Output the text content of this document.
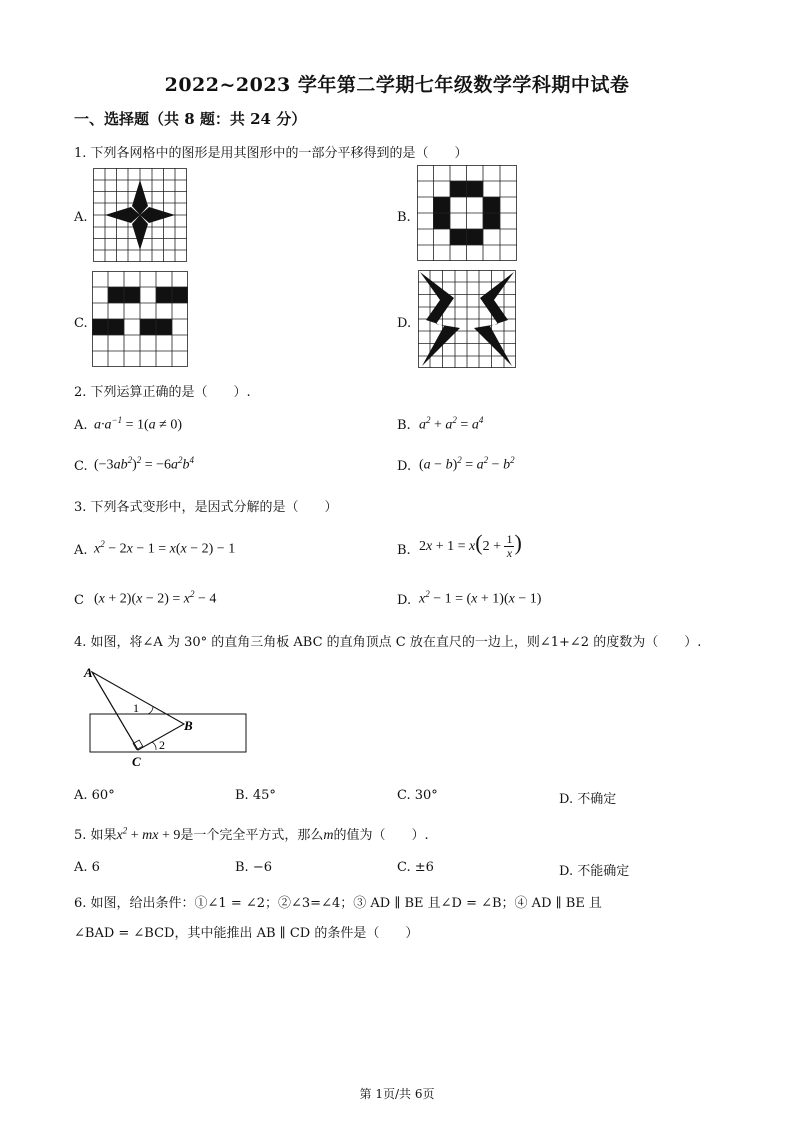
2022~2023 学年第二学期七年级数学学科期中试卷
一、选择题（共 8 题：共 24 分）
1. 下列各网格中的图形是用其图形中的一部分平移得到的是（　　）
A.	B.
C.	D.
2. 下列运算正确的是（　　）.
A. $a\cdot a^{-1} = 1(a \ne 0)$	B. $a^2 + a^2 = a^4$
C. $(-3ab^2)^2 = -6a^2b^4$	D. $(a - b)^2 = a^2 - b^2$
3. 下列各式变形中，是因式分解的是（　　）
A. $x^2 - 2x - 1 = x(x - 2) - 1$	B. $2x + 1 = x(2 + \frac{1}{x}$ )
C $(x + 2)(x - 2) = x^2 - 4$	D. $x^2 - 1 = (x + 1)(x - 1)$
4. 如图，将∠A 为 30° 的直角三角板 ABC 的直角顶点 C 放在直尺的一边上，则∠1+∠2 的度数为（　　）.
A
B
C
1
2
A. 60°	B. 45°	C. 30°	D. 不确定
5. 如果$x^2$ + mx + 9是一个完全平方式，那么m的值为（　　）.
A. 6	B. −6	C. ±6	D. 不能确定
6. 如图，给出条件：①∠1 = ∠2；②∠3=∠4；③ AD ∥ BE 且∠D = ∠B；④ AD ∥ BE 且
∠BAD = ∠BCD，其中能推出 AB ∥ CD 的条件是（　　）
第 1页/共 6页
